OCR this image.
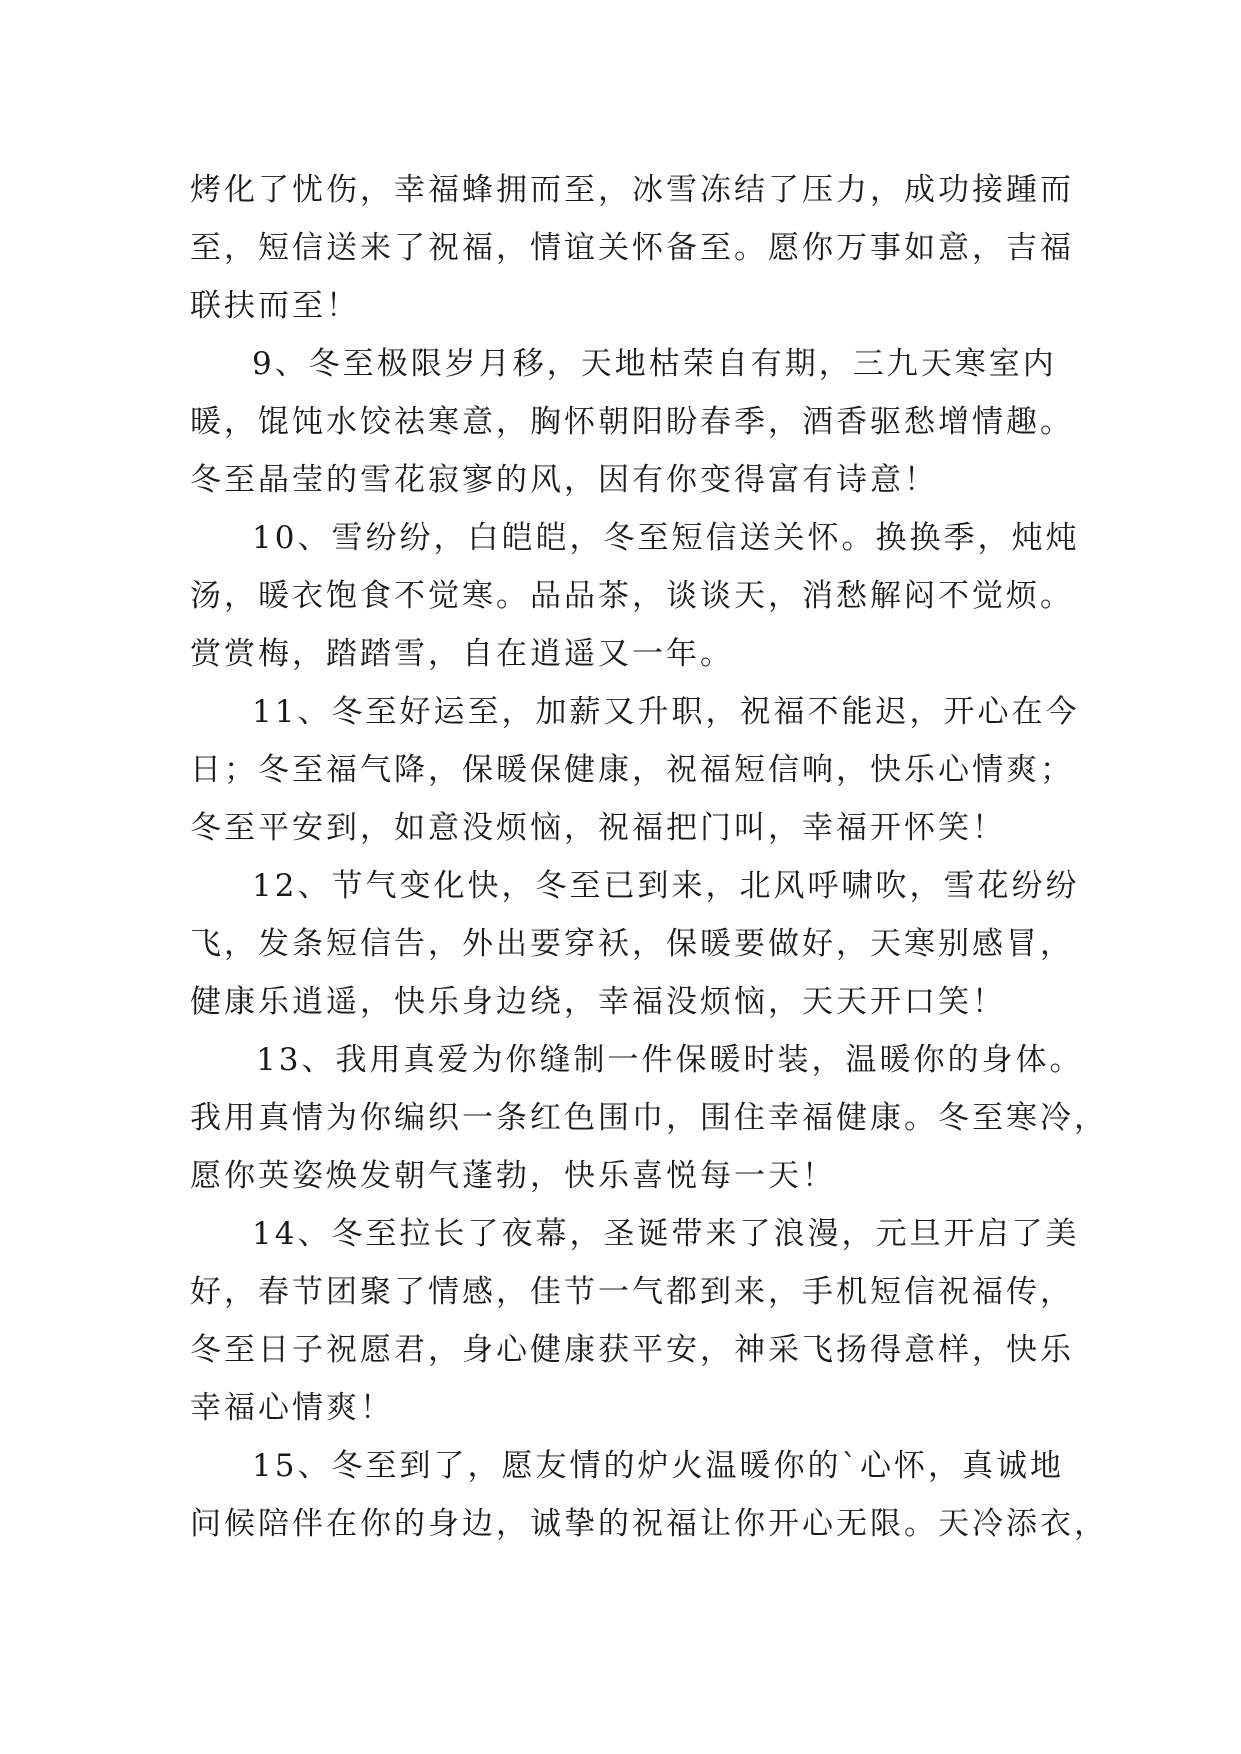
烤化了忧伤，幸福蜂拥而至，冰雪冻结了压力，成功接踵而
至，短信送来了祝福，情谊关怀备至。愿你万事如意，吉福
联扶而至！
9、冬至极限岁月移，天地枯荣自有期，三九天寒室内
暖，馄饨水饺祛寒意，胸怀朝阳盼春季，酒香驱愁增情趣。
冬至晶莹的雪花寂寥的风，因有你变得富有诗意！
10、雪纷纷，白皑皑，冬至短信送关怀。换换季，炖炖
汤，暖衣饱食不觉寒。品品茶，谈谈天，消愁解闷不觉烦。
赏赏梅，踏踏雪，自在逍遥又一年。
11、冬至好运至，加薪又升职，祝福不能迟，开心在今
日；冬至福气降，保暖保健康，祝福短信响，快乐心情爽；
冬至平安到，如意没烦恼，祝福把门叫，幸福开怀笑！
12、节气变化快，冬至已到来，北风呼啸吹，雪花纷纷
飞，发条短信告，外出要穿袄，保暖要做好，天寒别感冒，
健康乐逍遥，快乐身边绕，幸福没烦恼，天天开口笑！
13、我用真爱为你缝制一件保暖时装，温暖你的身体。
我用真情为你编织一条红色围巾，围住幸福健康。冬至寒冷，
愿你英姿焕发朝气蓬勃，快乐喜悦每一天！
14、冬至拉长了夜幕，圣诞带来了浪漫，元旦开启了美
好，春节团聚了情感，佳节一气都到来，手机短信祝福传，
冬至日子祝愿君，身心健康获平安，神采飞扬得意样，快乐
幸福心情爽！
15、冬至到了，愿友情的炉火温暖你的`心怀，真诚地
问候陪伴在你的身边，诚挚的祝福让你开心无限。天冷添衣，
